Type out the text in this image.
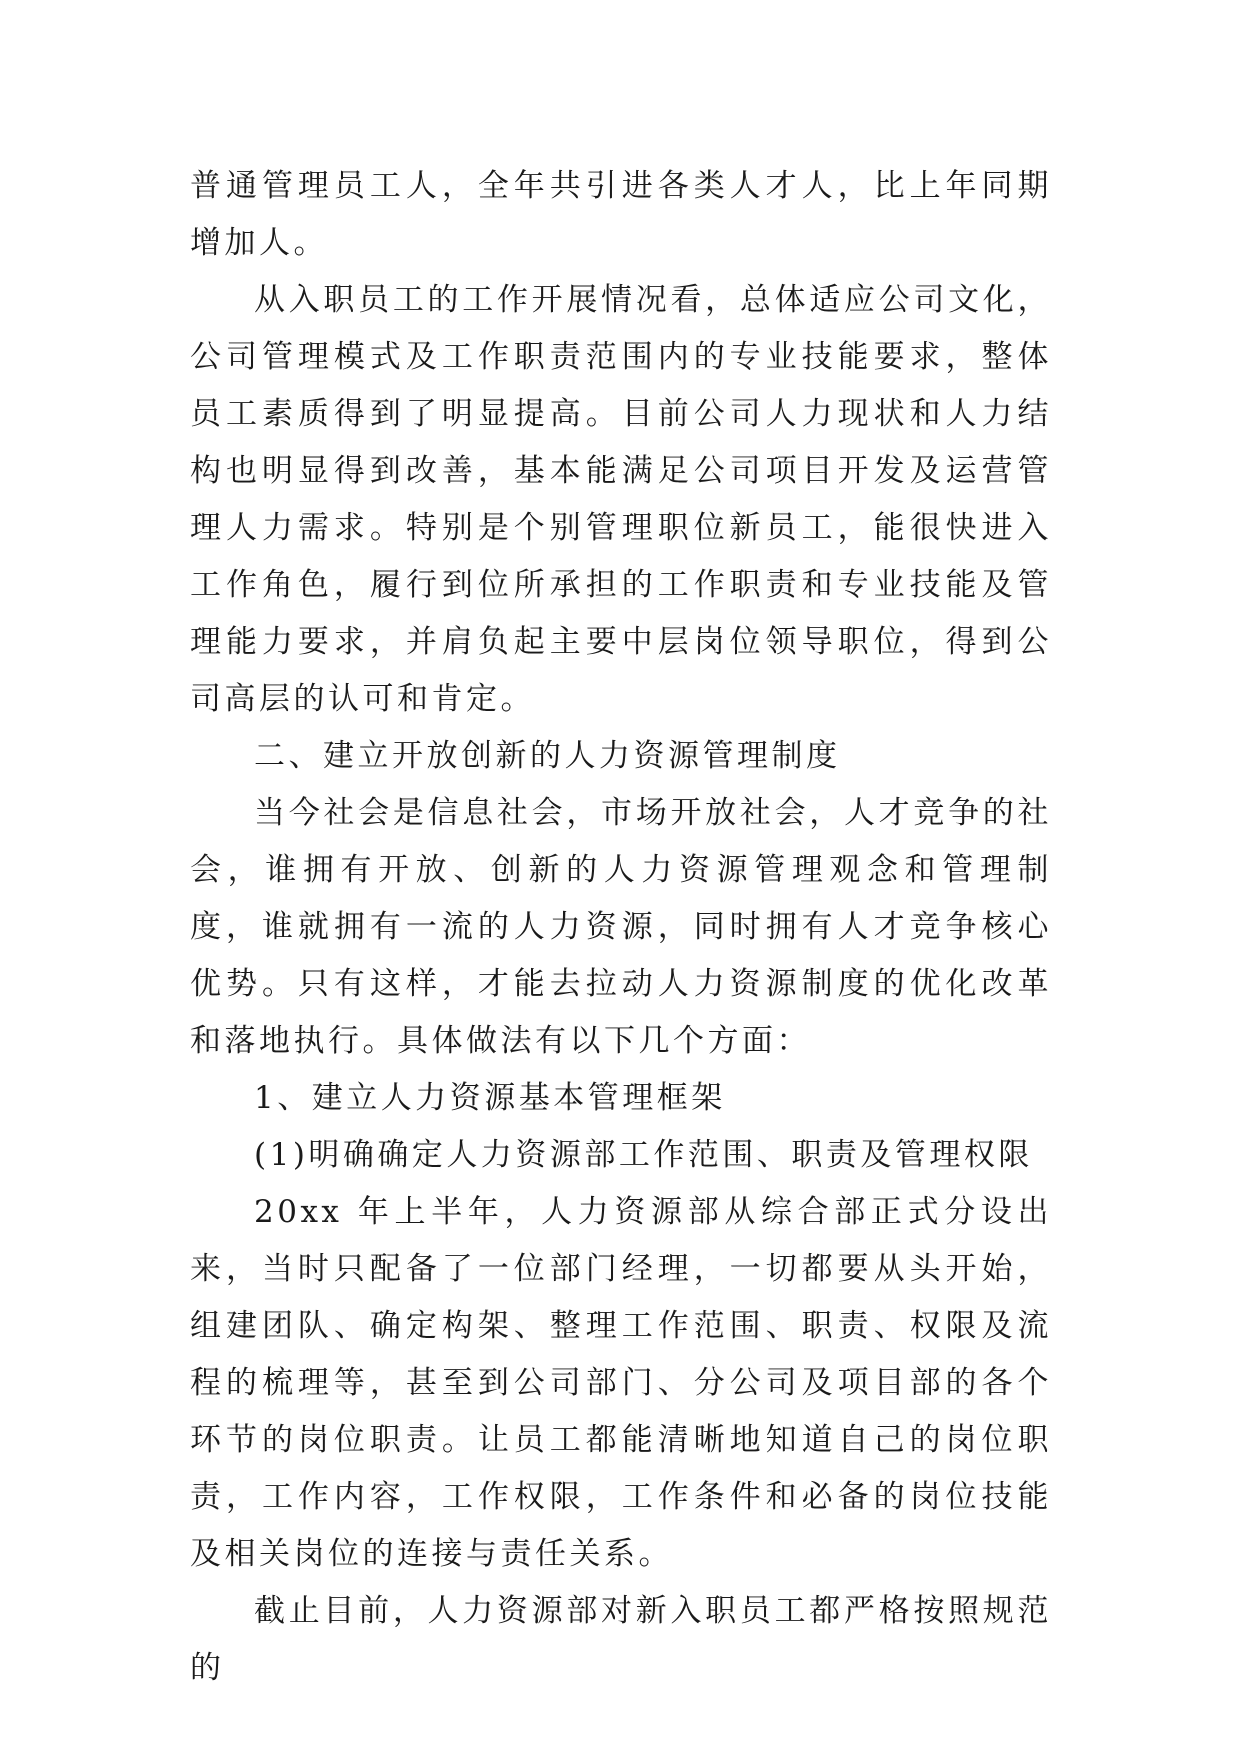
普通管理员工人，全年共引进各类人才人，比上年同期增加人。

从入职员工的工作开展情况看，总体适应公司文化，公司管理模式及工作职责范围内的专业技能要求，整体员工素质得到了明显提高。目前公司人力现状和人力结构也明显得到改善，基本能满足公司项目开发及运营管理人力需求。特别是个别管理职位新员工，能很快进入工作角色，履行到位所承担的工作职责和专业技能及管理能力要求，并肩负起主要中层岗位领导职位，得到公司高层的认可和肯定。

二、建立开放创新的人力资源管理制度

当今社会是信息社会，市场开放社会，人才竞争的社会，谁拥有开放、创新的人力资源管理观念和管理制度，谁就拥有一流的人力资源，同时拥有人才竞争核心优势。只有这样，才能去拉动人力资源制度的优化改革和落地执行。具体做法有以下几个方面：

1、建立人力资源基本管理框架

(1)明确确定人力资源部工作范围、职责及管理权限

20xx 年上半年，人力资源部从综合部正式分设出来，当时只配备了一位部门经理，一切都要从头开始，组建团队、确定构架、整理工作范围、职责、权限及流程的梳理等，甚至到公司部门、分公司及项目部的各个环节的岗位职责。让员工都能清晰地知道自己的岗位职责，工作内容，工作权限，工作条件和必备的岗位技能及相关岗位的连接与责任关系。

截止目前，人力资源部对新入职员工都严格按照规范的
